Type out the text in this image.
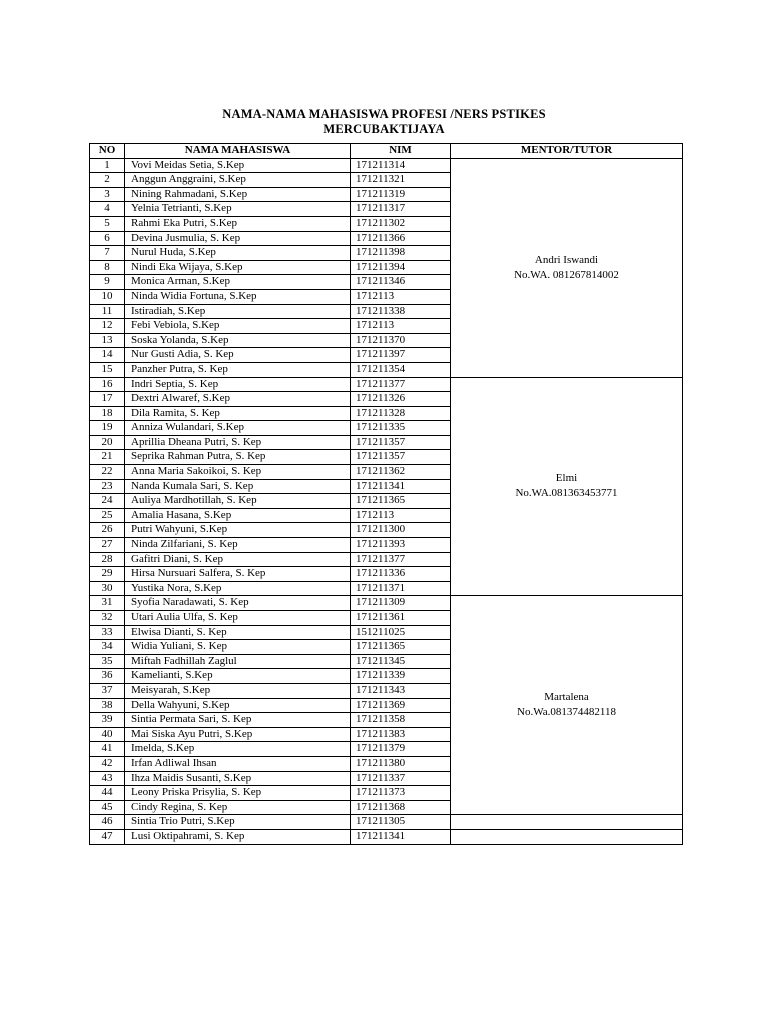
NAMA-NAMA MAHASISWA PROFESI /NERS PSTIKES
MERCUBAKTIJAYA
NO	NAMA MAHASISWA	NIM	MENTOR/TUTOR
1	Vovi Meidas Setia, S.Kep	171211314	Andri Iswandi
No.WA. 081267814002

2	Anggun Anggraini, S.Kep	171211321	
3	Nining Rahmadani, S.Kep	171211319	
4	Yelnia Tetrianti, S.Kep	171211317	
5	Rahmi Eka Putri, S.Kep	171211302	
6	Devina Jusmulia, S. Kep	171211366	
7	Nurul Huda, S.Kep	171211398	
8	Nindi Eka Wijaya, S.Kep	171211394	
9	Monica Arman, S.Kep	171211346	
10	Ninda Widia Fortuna, S.Kep	1712113	
11	Istiradiah, S.Kep	171211338	
12	Febi Vebiola, S.Kep	1712113	
13	Soska Yolanda, S.Kep	171211370	
14	Nur Gusti Adia, S. Kep	171211397	
15	Panzher Putra, S. Kep	171211354	
16	Indri Septia, S. Kep	171211377	Elmi
No.WA.081363453771

17	Dextri Alwaref, S.Kep	171211326	
18	Dila Ramita, S. Kep	171211328	
19	Anniza Wulandari, S.Kep	171211335	
20	Aprillia Dheana Putri, S. Kep	171211357	
21	Seprika Rahman Putra, S. Kep	171211357	
22	Anna Maria Sakoikoi, S. Kep	171211362	
23	Nanda Kumala Sari, S. Kep	171211341	
24	Auliya Mardhotillah, S. Kep	171211365	
25	Amalia Hasana, S.Kep	1712113	
26	Putri Wahyuni, S.Kep	171211300	
27	Ninda Zilfariani, S. Kep	171211393	
28	Gafitri Diani, S. Kep	171211377	
29	Hirsa Nursuari Salfera, S. Kep	171211336	
30	Yustika Nora, S.Kep	171211371	
31	Syofia Naradawati, S. Kep	171211309	Martalena
No.Wa.081374482118

32	Utari Aulia Ulfa, S. Kep	171211361	
33	Elwisa Dianti, S. Kep	151211025	
34	Widia Yuliani, S. Kep	171211365	
35	Miftah Fadhillah Zaglul	171211345	
36	Kamelianti, S.Kep	171211339	
37	Meisyarah, S.Kep	171211343	
38	Della Wahyuni, S.Kep	171211369	
39	Sintia Permata Sari, S. Kep	171211358	
40	Mai Siska Ayu Putri, S.Kep	171211383	
41	Imelda, S.Kep	171211379	
42	Irfan Adliwal Ihsan	171211380	
43	Ihza Maidis Susanti, S.Kep	171211337	
44	Leony Priska Prisylia, S. Kep	171211373	
45	Cindy Regina, S. Kep	171211368	
46	Sintia Trio Putri, S.Kep	171211305	
47	Lusi Oktipahrami, S. Kep	171211341	
